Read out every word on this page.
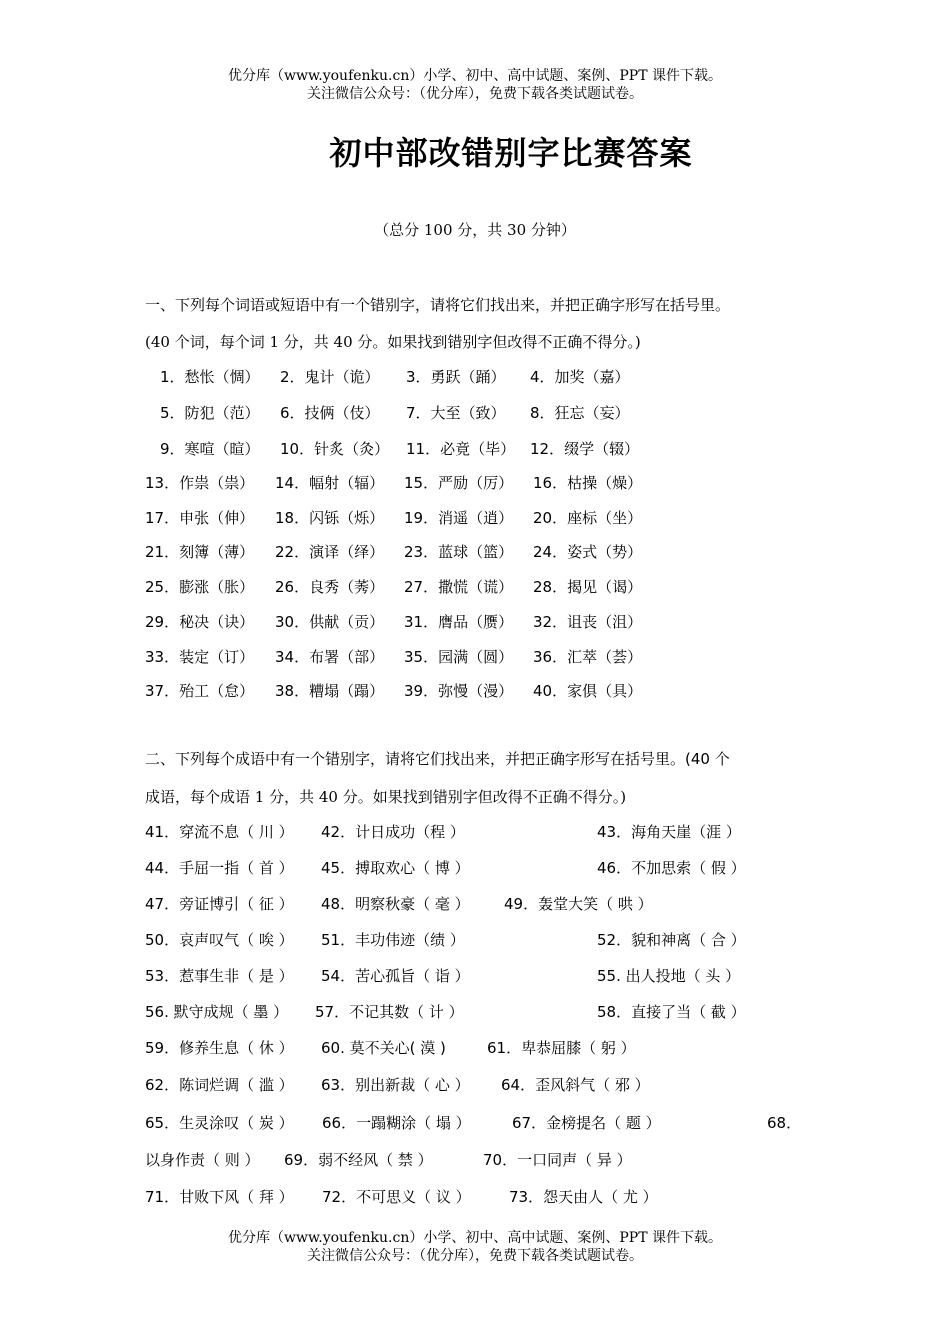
优分库（www.youfenku.cn）小学、初中、高中试题、案例、PPT 课件下载。
关注微信公众号：（优分库），免费下载各类试题试卷。
初中部改错别字比赛答案
（总分 100 分，共 30 分钟）
一、下列每个词语或短语中有一个错别字，请将它们找出来，并把正确字形写在括号里。
(40 个词，每个词 1 分，共 40 分。如果找到错别字但改得不正确不得分。)
1．愁怅（惆） 2．鬼计（诡） 3．勇跃（踊） 4．加奖（嘉）
5．防犯（范） 6．技俩（伎） 7．大至（致） 8．狂忘（妄）
9．寒喧（暄） 10．针炙（灸） 11．必竟（毕） 12．缀学（辍）
13．作祟（祟） 14．幅射（辐） 15．严励（厉） 16．枯操（燥）
17．申张（伸） 18．闪铄（烁） 19．消遥（逍） 20．座标（坐）
21．刻簿（薄） 22．演译（绎） 23．蓝球（篮） 24．姿式（势）
25．膨涨（胀） 26．良秀（莠） 27．撒慌（谎） 28．揭见（谒）
29．秘决（诀） 30．供献（贡） 31．膺品（赝） 32．诅丧（沮）
33．装定（订） 34．布署（部） 35．园满（圆） 36．汇萃（荟）
37．殆工（怠） 38．糟塌（蹋） 39．弥慢（漫） 40．家俱（具）
二、下列每个成语中有一个错别字，请将它们找出来，并把正确字形写在括号里。(40 个
成语，每个成语 1 分，共 40 分。如果找到错别字但改得不正确不得分。)
41．穿流不息（ 川 ） 42．计日成功（程 ）	43．海角天崖（涯 ）
44．手屈一指（ 首 ） 45．搏取欢心（ 博 ）	46．不加思索（ 假 ）
47．旁证博引（ 征 ） 48．明察秋豪（ 毫 ） 49．轰堂大笑（ 哄 ）
50．哀声叹气（ 唉 ） 51．丰功伟迹（绩 ）	52．貌和神离（ 合 ）
53．惹事生非（ 是 ） 54．苦心孤旨（ 诣 ）	55. 出人投地（ 头 ）
56. 默守成规（ 墨 ） 57．不记其数（ 计 ）	58．直接了当（ 截 ）
59．修养生息（ 休 ） 60. 莫不关心( 漠 )	61．卑恭屈膝（ 躬 ）
62．陈词烂调（ 滥 ） 63．别出新裁（ 心 ） 64．歪风斜气（ 邪 ）
65．生灵涂叹（ 炭 ） 66．一蹋糊涂（ 塌 ）	67．金榜提名（ 题 ）	68．
以身作责（ 则 ） 69．弱不经风（ 禁 ）	70．一口同声（ 异 ）
71．甘败下风（ 拜 ） 72．不可思义（ 议 ）	73．怨天由人（ 尤 ）
优分库（www.youfenku.cn）小学、初中、高中试题、案例、PPT 课件下载。
关注微信公众号：（优分库），免费下载各类试题试卷。
